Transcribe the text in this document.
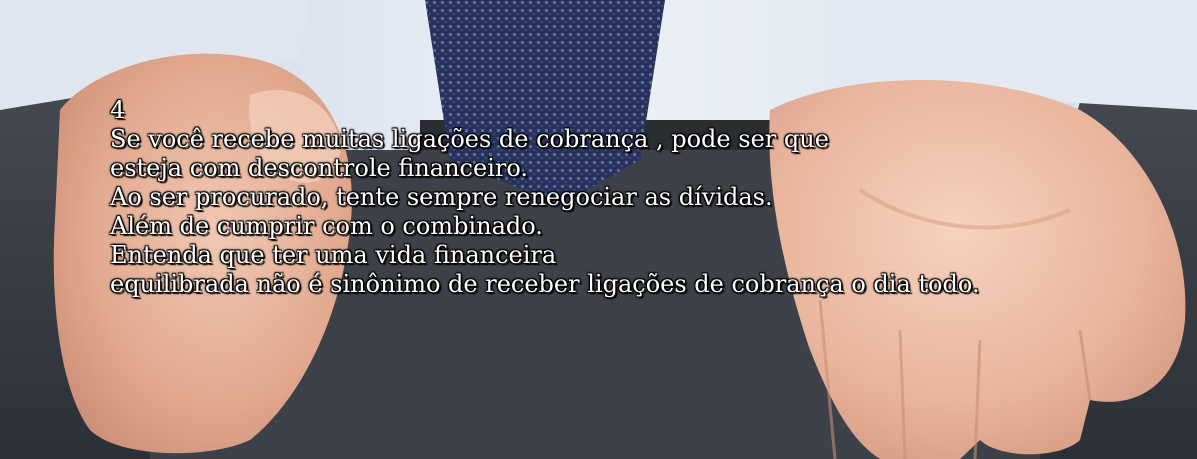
4
Se você recebe muitas ligações de cobrança , pode ser que
esteja com descontrole financeiro.
Ao ser procurado, tente sempre renegociar as dívidas.
Além de cumprir com o combinado.
Entenda que ter uma vida financeira
equilibrada não é sinônimo de receber ligações de cobrança o dia todo.
